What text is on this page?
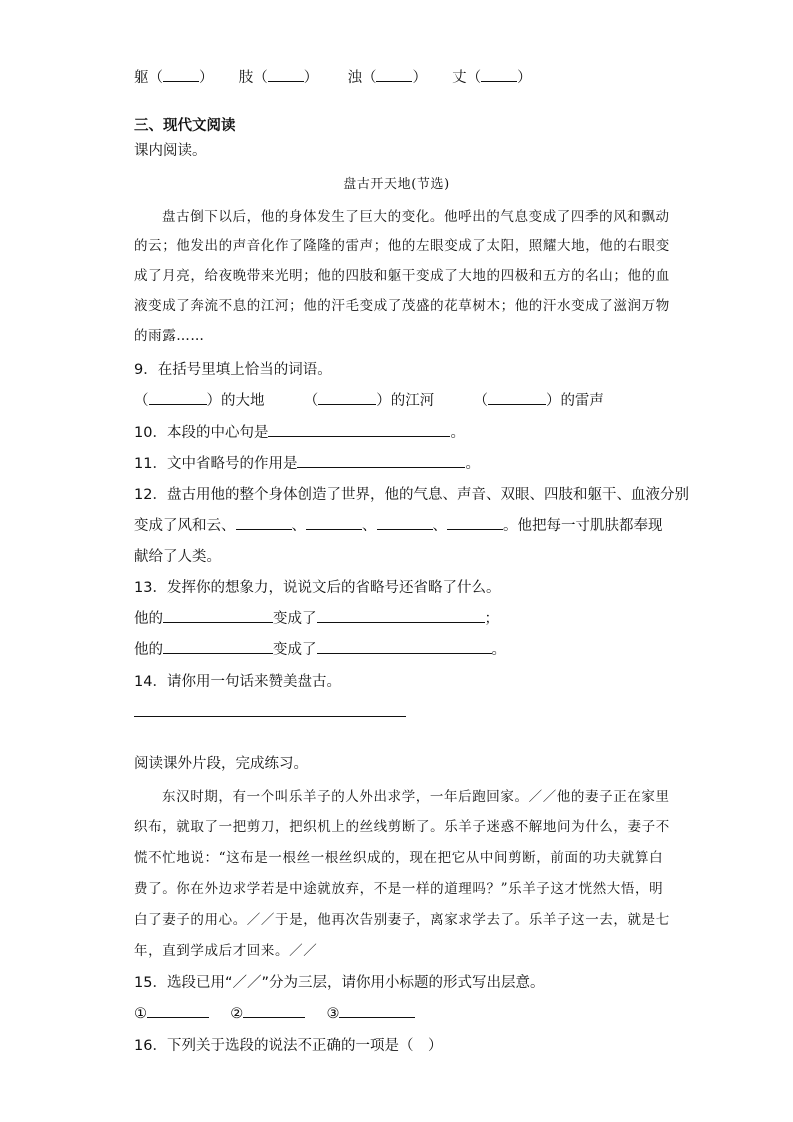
躯（ ） 肢（ ） 浊（ ） 丈（ ）
三、现代文阅读
课内阅读。
盘古开天地(节选)
盘古倒下以后，他的身体发生了巨大的变化。他呼出的气息变成了四季的风和飘动
的云；他发出的声音化作了隆隆的雷声；他的左眼变成了太阳，照耀大地，他的右眼变
成了月亮，给夜晚带来光明；他的四肢和躯干变成了大地的四极和五方的名山；他的血
液变成了奔流不息的江河；他的汗毛变成了茂盛的花草树木；他的汗水变成了滋润万物
的雨露……
9．在括号里填上恰当的词语。
（	）的大地	（	）的江河	（	）的雷声
10．本段的中心句是	。
11．文中省略号的作用是	。
12．盘古用他的整个身体创造了世界，他的气息、声音、双眼、四肢和躯干、血液分别
变成了风和云、	、	、	、	。他把每一寸肌肤都奉现
献给了人类。
13．发挥你的想象力，说说文后的省略号还省略了什么。
他的	变成了	；
他的	变成了	。
14．请你用一句话来赞美盘古。
阅读课外片段，完成练习。
东汉时期，有一个叫乐羊子的人外出求学，一年后跑回家。／／他的妻子正在家里
织布，就取了一把剪刀，把织机上的丝线剪断了。乐羊子迷惑不解地问为什么，妻子不
慌不忙地说：“这布是一根丝一根丝织成的，现在把它从中间剪断，前面的功夫就算白
费了。你在外边求学若是中途就放弃，不是一样的道理吗？”乐羊子这才恍然大悟，明
白了妻子的用心。／／于是，他再次告别妻子，离家求学去了。乐羊子这一去，就是七
年，直到学成后才回来。／／
15．选段已用“／／”分为三层，请你用小标题的形式写出层意。
①	②	③
16．下列关于选段的说法不正确的一项是（　）
